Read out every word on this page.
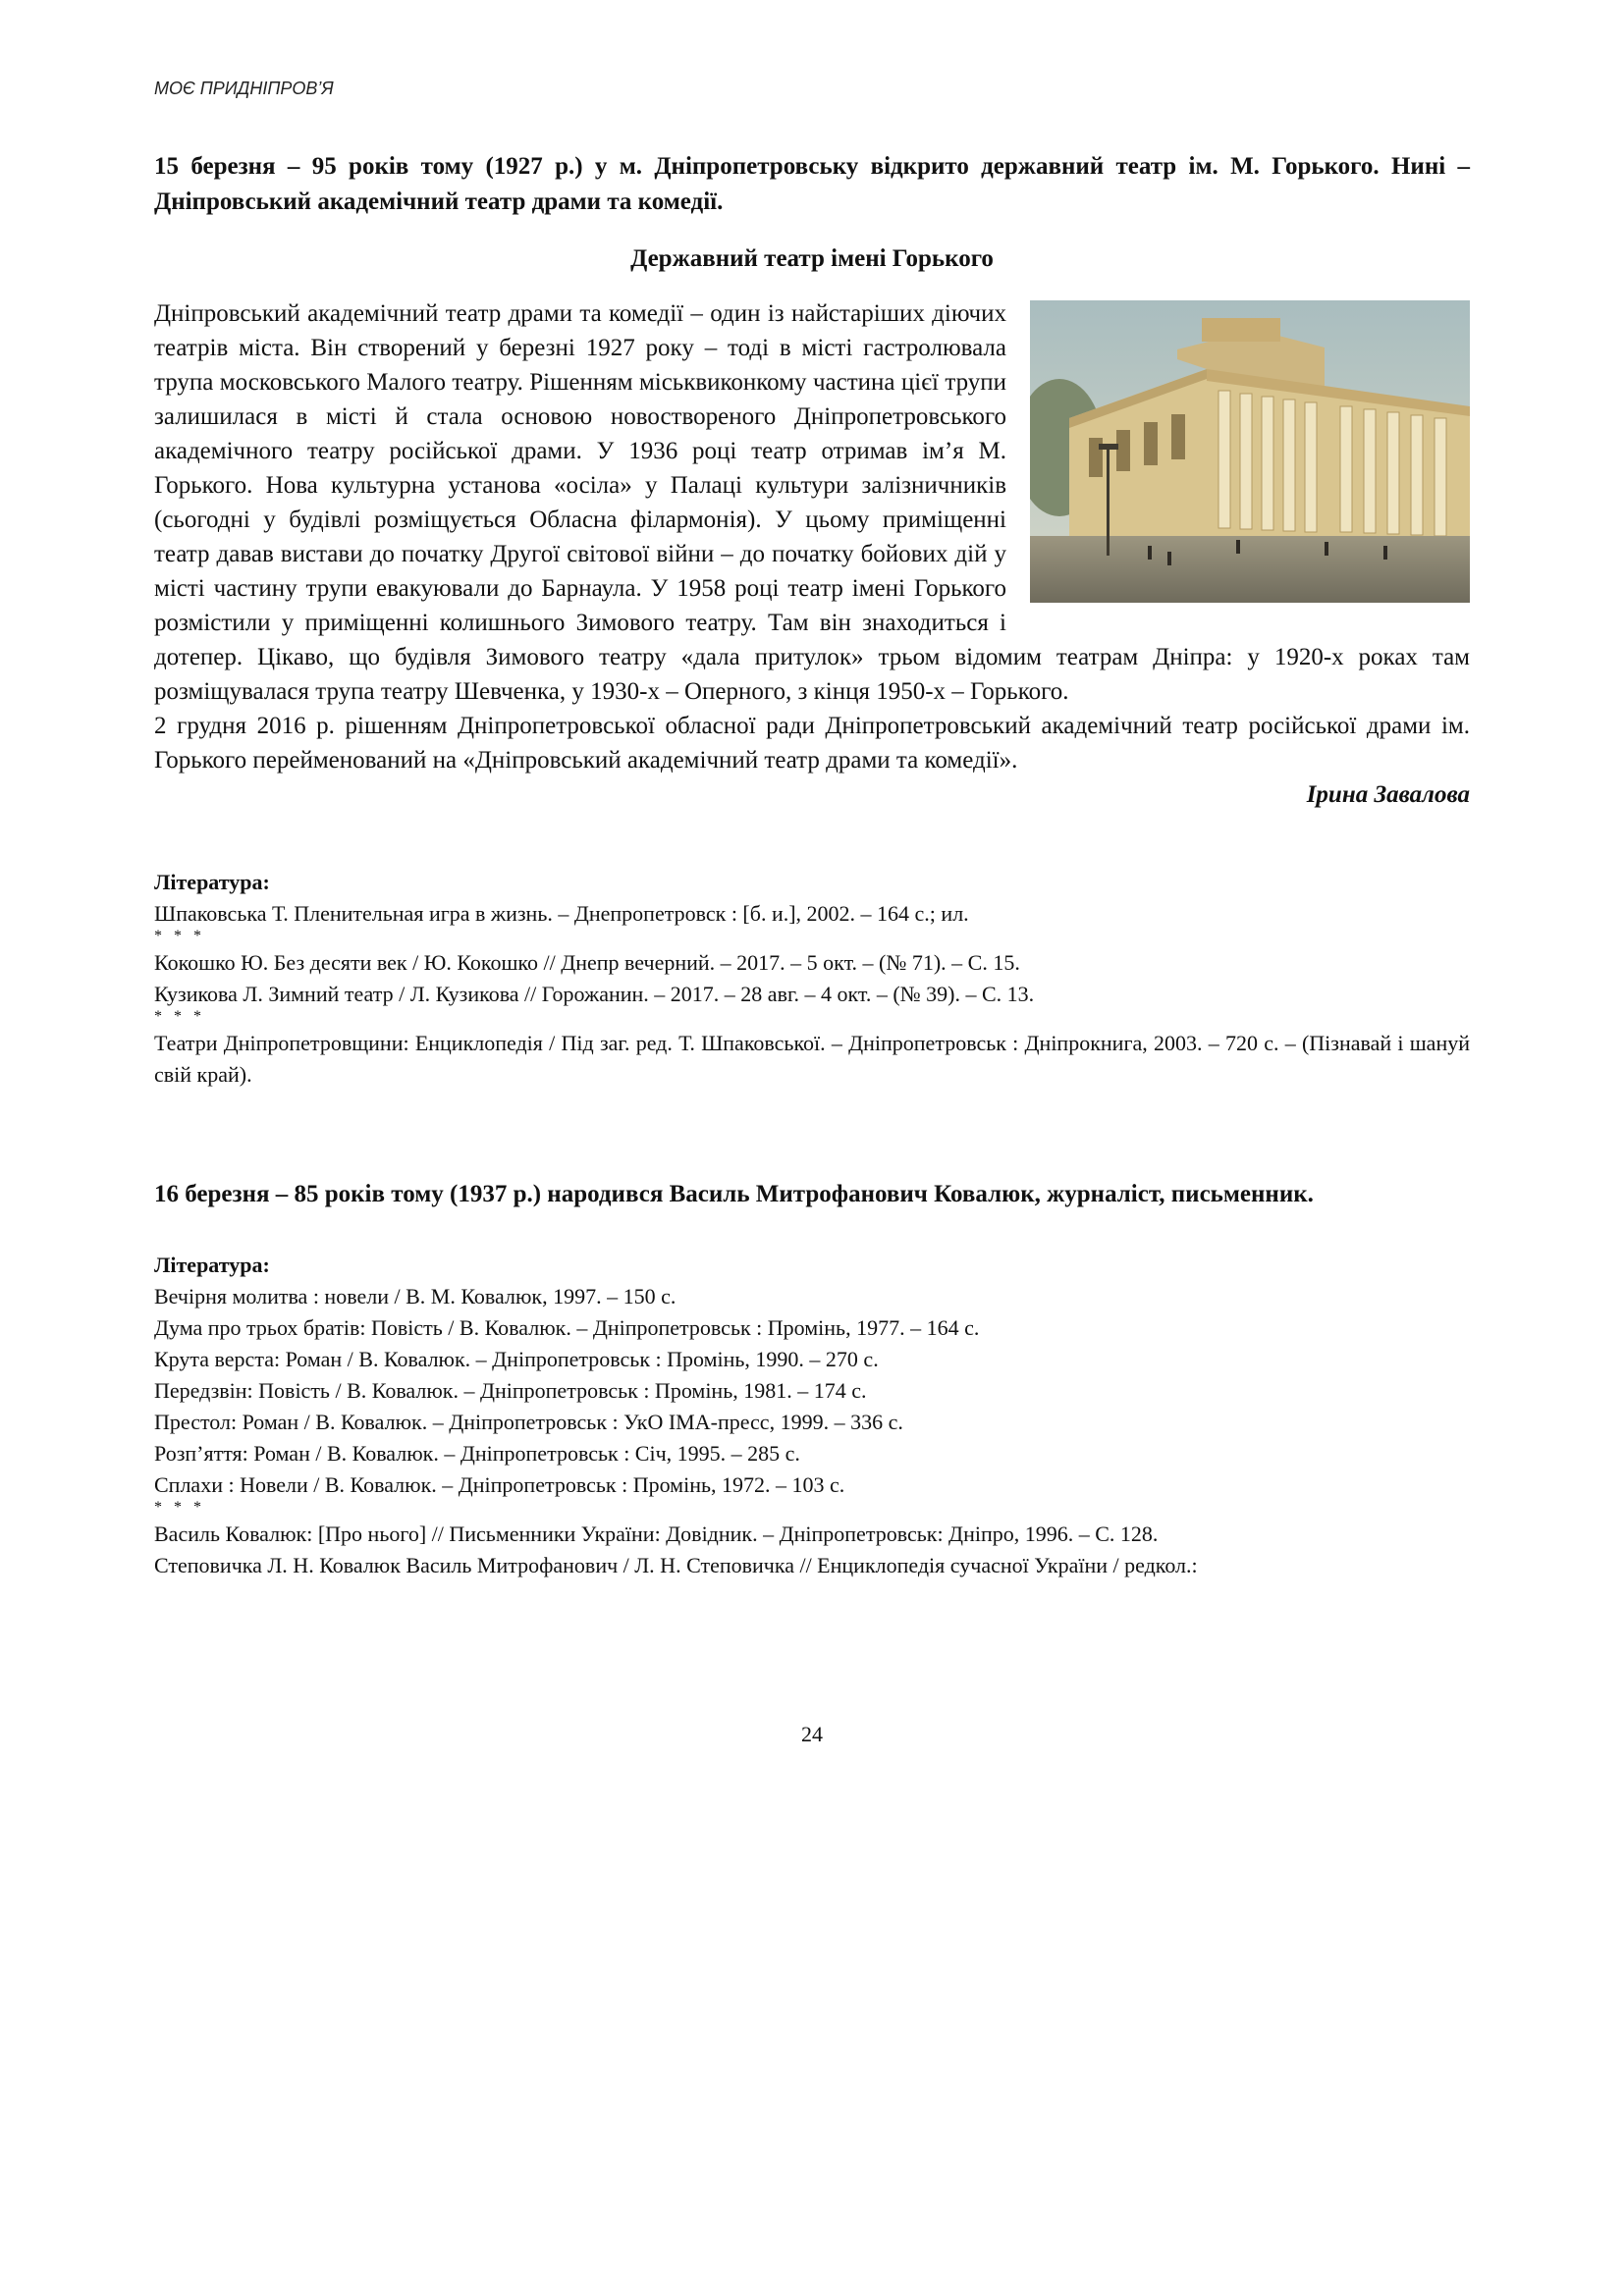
МОЄ ПРИДНІПРОВ’Я

15 березня – 95 років тому (1927 р.) у м. Дніпропетровську відкрито державний театр ім. М. Горького. Нині – Дніпровський академічний театр драми та комедії.

Державний театр імені Горького

Дніпровський академічний театр драми та комедії – один із найстаріших діючих театрів міста. Він створений у березні 1927 року – тоді в місті гастролювала трупа московського Малого театру. Рішенням міськвиконкому частина цієї трупи залишилася в місті й стала основою новоствореного Дніпропетровського академічного театру російської драми. У 1936 році театр отримав ім’я М. Горького. Нова культурна установа «осіла» у Палаці культури залізничників (сьогодні у будівлі розміщується Обласна філармонія). У цьому приміщенні театр давав вистави до початку Другої світової війни – до початку бойових дій у місті частину трупи евакуювали до Барнаула. У 1958 році театр імені Горького розмістили у приміщенні колишнього Зимового театру. Там він знаходиться і дотепер. Цікаво, що будівля Зимового театру «дала притулок» трьом відомим театрам Дніпра: у 1920-х роках там розміщувалася трупа театру Шевченка, у 1930-х – Оперного, з кінця 1950-х – Горького.

2 грудня 2016 р. рішенням Дніпропетровської обласної ради Дніпропетровський академічний театр російської драми ім. Горького перейменований на «Дніпровський академічний театр драми та комедії».

Ірина Завалова

Література:

Шпаковська Т. Пленительная игра в жизнь. – Днепропетровск : [б. и.], 2002. – 164 с.; ил.

* * *

Кокошко Ю. Без десяти век / Ю. Кокошко // Днепр вечерний. – 2017. – 5 окт. – (№ 71). – С. 15.

Кузикова Л. Зимний театр / Л. Кузикова // Горожанин. – 2017. – 28 авг. – 4 окт. – (№ 39). – С. 13.

* * *

Театри Дніпропетровщини: Енциклопедія / Під заг. ред. Т. Шпаковської. – Дніпропетровськ : Дніпрокнига, 2003. – 720 с. – (Пізнавай і шануй свій край).

16 березня – 85 років тому (1937 р.) народився Василь Митрофанович Ковалюк, журналіст, письменник.

Література:

Вечірня молитва : новели / В. М. Ковалюк, 1997. – 150 с.

Дума про трьох братів: Повість / В. Ковалюк. – Дніпропетровськ : Промінь, 1977. – 164 с.

Крута верста: Роман / В. Ковалюк. – Дніпропетровськ : Промінь, 1990. – 270 с.

Передзвін: Повість / В. Ковалюк. – Дніпропетровськ : Промінь, 1981. – 174 с.

Престол: Роман / В. Ковалюк. – Дніпропетровськ : УкО ІМА-пресс, 1999. – 336 с.

Розп’яття: Роман / В. Ковалюк. – Дніпропетровськ : Січ, 1995. – 285 с.

Сплахи : Новели / В. Ковалюк. – Дніпропетровськ : Промінь, 1972. – 103 с.

* * *

Василь Ковалюк: [Про нього] // Письменники України: Довідник. – Дніпропетровськ: Дніпро, 1996. – С. 128.

Степовичка Л. Н. Ковалюк Василь Митрофанович / Л. Н. Степовичка // Енциклопедія сучасної України / редкол.:

24
